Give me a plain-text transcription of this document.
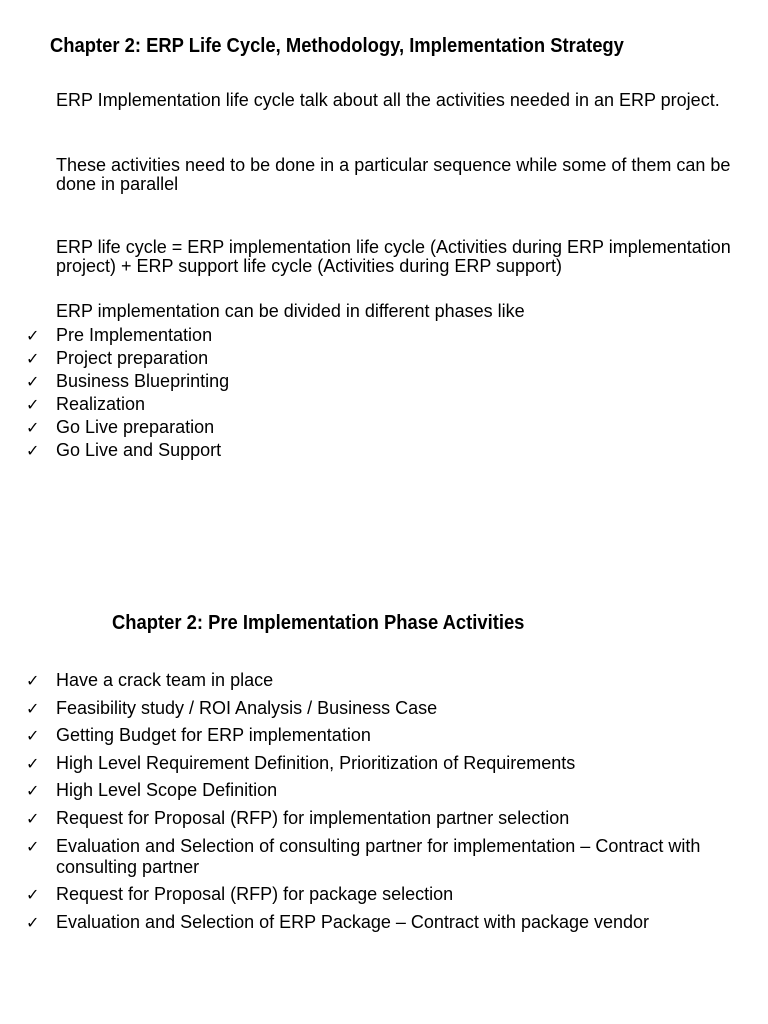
Chapter 2: ERP Life Cycle, Methodology, Implementation Strategy

ERP Implementation life cycle talk about all the activities needed in an ERP project.

These activities need to be done in a particular sequence while some of them can be done in parallel

ERP life cycle = ERP implementation life cycle (Activities during ERP implementation project) + ERP support life cycle (Activities during ERP support)

ERP implementation can be divided in different phases like

✓ Pre Implementation
✓ Project preparation
✓ Business Blueprinting
✓ Realization
✓ Go Live preparation
✓ Go Live and Support
Chapter 2: Pre Implementation Phase Activities
✓ Have a crack team in place
✓ Feasibility study / ROI Analysis / Business Case
✓ Getting Budget for ERP implementation
✓ High Level Requirement Definition, Prioritization of Requirements
✓ High Level Scope Definition
✓ Request for Proposal (RFP) for implementation partner selection
✓ Evaluation and Selection of consulting partner for implementation – Contract with consulting partner
✓ Request for Proposal (RFP) for package selection
✓ Evaluation and Selection of ERP Package – Contract with package vendor
